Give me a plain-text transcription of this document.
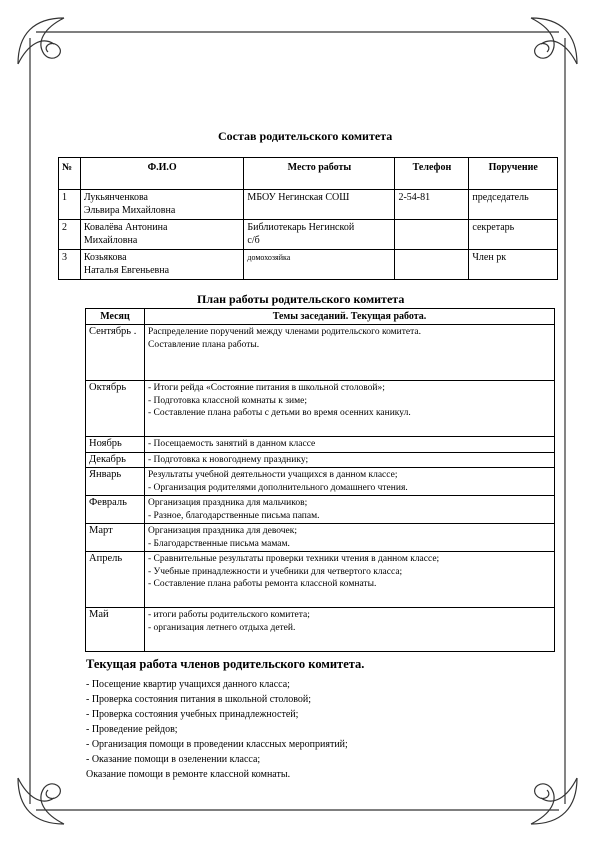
Состав родительского комитета
№	Ф.И.О	Место работы	Телефон	Поручение
1	Лукьянченкова
Эльвира Михайловна	МБОУ Негинская СОШ	2-54-81	председатель
2	Ковалёва Антонина
Михайловна	Библиотекарь Негинской
с/б		секретарь
3	Козьякова
Наталья Евгеньевна	домохозяйка		Член рк
План работы родительского комитета
Месяц	Темы заседаний. Текущая работа.
Сентябрь .	Распределение поручений между членами родительского комитета.
Составление плана работы.

Октябрь	- Итоги рейда «Состояние питания в школьной столовой»;
- Подготовка классной комнаты к зиме;
- Составление плана работы с детьми во время осенних каникул.

Ноябрь	- Посещаемость занятий в данном классе

Декабрь	- Подготовка к новогоднему празднику;

Январь	Результаты учебной деятельности учащихся в данном классе;
- Организация родителями дополнительного домашнего чтения.

Февраль	Организация праздника для мальчиков;
- Разное, благодарственные письма папам.

Март	Организация праздника для девочек;
- Благодарственные письма мамам.

Апрель	- Сравнительные результаты проверки техники чтения в данном классе;
- Учебные принадлежности и учебники для четвертого класса;
- Составление плана работы ремонта классной комнаты.

Май	- итоги работы родительского комитета;
- организация летнего отдыха детей.
Текущая работа членов родительского комитета.
- Посещение квартир учащихся данного класса;
- Проверка состояния питания в школьной столовой;
- Проверка состояния учебных принадлежностей;
- Проведение рейдов;
- Организация помощи в проведении классных мероприятий;
- Оказание помощи в озеленении класса;
Оказание помощи в ремонте классной комнаты.
